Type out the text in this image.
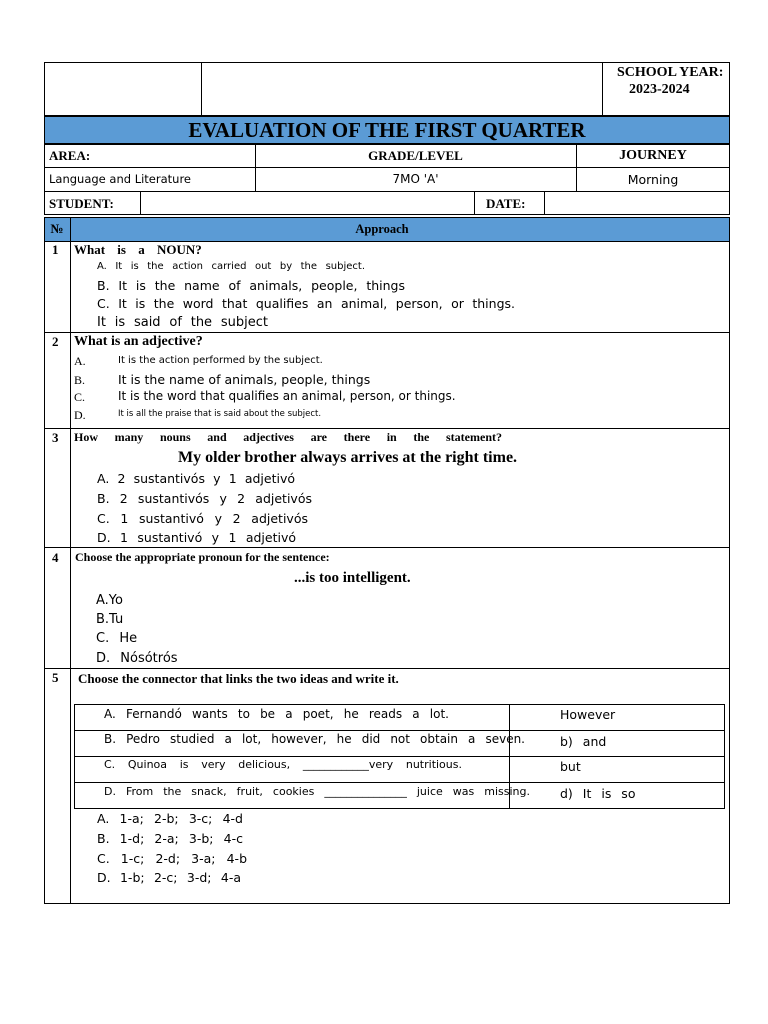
SCHOOL YEAR:
2023-2024
EVALUATION OF THE FIRST QUARTER
AREA:	GRADE/LEVEL	JOURNEY
Language and Literature	7MO 'A'	Morning
STUDENT:	DATE:
№	Approach
1 What is a NOUN?
A. It is the action carried out by the subject.
B. It is the name of animals, people, things
C. It is the word that qualifies an animal, person, or things.
It is said of the subject
2 What is an adjective?
A.	It is the action performed by the subject.
B.	It is the name of animals, people, things
C.	It is the word that qualifies an animal, person, or things.
D.	It is all the praise that is said about the subject.
3 How many nouns and adjectives are there in the statement?
My older brother always arrives at the right time.
A. 2 sustantivós y 1 adjetivó
B. 2 sustantivós y 2 adjetivós
C. 1 sustantivó y 2 adjetivós
D. 1 sustantivó y 1 adjetivó
4 Choose the appropriate pronoun for the sentence:
...is too intelligent.
A.Yo
B.Tu
C. He
D. Nósótrós
5 Choose the connector that links the two ideas and write it.
A. Fernandó wants to be a poet, he reads a lot.	However
B. Pedro studied a lot, however, he did not obtain a seven.	b) and
C. Quinoa is very delicious, ____________very nutritious.	but
D. From the snack, fruit, cookies _______________ juice was missing. d) It is so
A. 1-a; 2-b; 3-c; 4-d
B. 1-d; 2-a; 3-b; 4-c
C. 1-c; 2-d; 3-a; 4-b
D. 1-b; 2-c; 3-d; 4-a
